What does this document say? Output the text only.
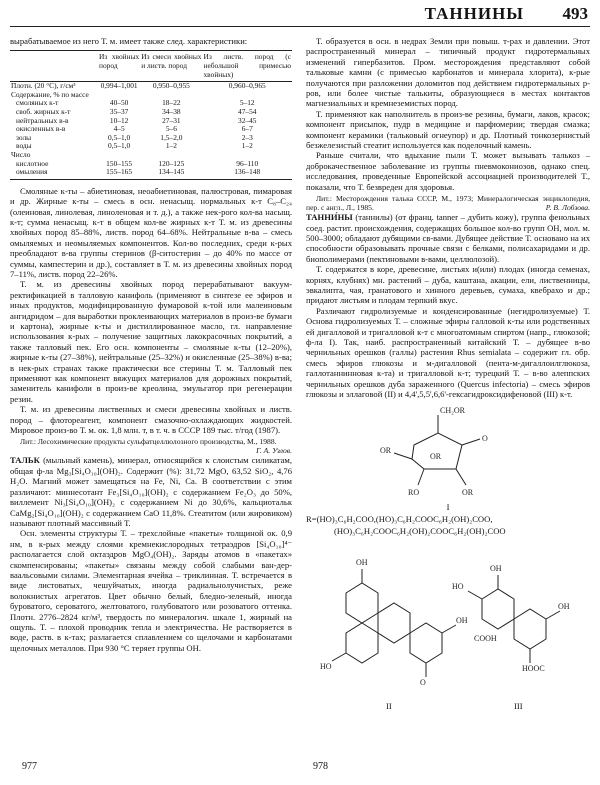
ТАННИНЫ 493

вырабатываемое из него Т. м. имеет также след. характеристики:

	Из хвойных пород	Из смеси хвойных и листв. пород	Из листв. пород (с небольшой примесью хвойных)
Плотн. (20 °С), г/см³	0,994–1,001	0,950–0,955	0,960–0,965
Содержание, % по массе			
смоляных к-т	40–50	18–22	5–12
своб. жирных к-т	35–37	34–38	47–54
нейтральных в-в	10–12	27–31	32–45
окисленных в-в	4–5	5–6	6–7
золы	0,5–1,0	1,5–2,0	2–3
воды	0,5–1,0	1–2	1–2
Число			
кислотное	150–155	120–125	96–110
омыления	155–165	134–145	136–148

Смоляные к-ты – абиетиновая, неоабиетиновая, палюстровая, пимаровая и др. Жирные к-ты – смесь в осн. ненасыщ. нормальных к-т C₈–C₂₄ (олеиновая, линолевая, линоленовая и т. д.), а также нек-рого кол-ва насыщ. к-т; сумма ненасыщ. к-т в общем кол-ве жирных к-т Т. м. из древесины хвойных пород 85–88%, листв. пород 64–68%. Нейтральные в-ва – смесь омыляемых и неомыляемых компонентов. Кол-во последних, среди к-рых преобладают в-ва группы стеринов (β-ситостерин – до 40% по массе от суммы, кампестерин и др.), составляет в Т. м. из древесины хвойных пород 7–11%, листв. пород 22–26%.

Т. м. из древесины хвойных пород перерабатывают вакуум-ректификацией в талловую канифоль (применяют в синтезе ее эфиров и иных продуктов, модифицированную фумаровой к-той или малеиновым ангидридом – для выработки проклеивающих материалов в произ-ве бумаги и картона), жирные к-ты и дистиллированное масло, гл. направление использования к-рых – получение защитных лакокрасочных покрытий, а также талловый пек. Его осн. компоненты – смоляные к-ты (12–20%), жирные к-ты (27–38%), нейтральные (25–32%) и окисленные (25–38%) в-ва; в нек-рых странах также практически все стерины Т. м. Талловый пек применяют как компонент вяжущих материалов для дорожных покрытий, заменитель канифоли в произ-ве креолина, эмульгатор при регенерации резин.

Т. м. из древесины лиственных и смеси древесины хвойных и листв. пород – флотореагент, компонент смазочно-охлаждающих жидкостей. Мировое произ-во Т. м. ок. 1,8 млн. т, в т. ч. в СССР 189 тыс. т/год (1987).

Лит.: Лесохимические продукты сульфатцеллюлозного производства, М., 1988.
Г. А. Узлов.

ТАЛЬК (мыльный камень), минерал, относящийся к слоистым силикатам, общая ф-ла Mg₃[Si₄O₁₀](OH)₂. Содержит (%): 31,72 MgO, 63,52 SiO₂, 4,76 H₂O. Магний может замещаться на Fe, Ni, Ca. В соответствии с этим различают: миннесотант Fe₃[Si₄O₁₀](OH)₂ с содержанием Fe₂O₃ до 50%, виллемент Ni₃[Si₄O₁₀](OH)₂ с содержанием Ni до 30,6%, кальциотальк CaMg₂[Si₄O₁₀](OH)₂ с содержанием CaO 11,8%. Стеатитом (или жировиком) называют плотный массивный Т.

Осн. элементы структуры Т. – трехслойные «пакеты» толщиной ок. 0,9 нм, в к-рых между слоями кремнекислородных тетраэдров [Si₄O₁₀]⁴⁻ располагается слой октаэдров MgO₄(OH)₂. Заряды атомов в «пакетах» скомпенсированы; «пакеты» связаны между собой слабыми ван-дер-ваальсовыми силами. Элементарная ячейка – триклинная. Т. встречается в виде листоватых, чешуйчатых, иногда радиальнолучистых, реже волокнистых агрегатов. Цвет обычно белый, бледно-зеленый, иногда буроватого, сероватого, желтоватого, голубоватого или розоватого оттенка. Плотн. 2776–2824 кг/м³, твердость по минералогич. шкале 1, жирный на ощупь. Т. – плохой проводник тепла и электричества. Не растворяется в воде, раств. в к-тах; разлагается сплавлением со щелочами и карбонатами щелочных металлов. При 930 °С теряет группы OH.

Т. образуется в осн. в недрах Земли при повыш. т-рах и давлении. Этот распространенный минерал – типичный продукт гидротермальных изменений гипербазитов. Пром. месторождения представляют собой тальковые камни (с примесью карбонатов и минерала хлорита), к-рые получаются при разложении доломитов под действием гидротермальных р-ров, или более чистые талькиты, образующиеся в местах контактов магнезиальных и кремнеземистых пород.

Т. применяют как наполнитель в произ-ве резины, бумаги, лаков, красок; компонент присыпок, пудр в медицине и парфюмерии; твердая смазка; компонент керамики (тальковый огнеупор) и др. Плотный тонкозернистый безжелезистый стеатит используется как поделочный камень.

Раньше считали, что вдыхание пыли Т. может вызывать талькоз – доброкачественное заболевание из группы пневмокониозов, однако спец. исследования, проведенные Европейской ассоциацией производителей Т., показали, что Т. безвреден для здоровья.

Лит.: Месторождения талька СССР, М., 1973; Минералогическая энциклопедия, пер. с англ., Л., 1985.	Р. В. Лобзова.

ТАННИ́НЫ (таннилы) (от франц. tanner – дубить кожу), группа фенольных соед. растит. происхождения, содержащих большое кол-во групп OH, мол. м. 500–3000; обладают дубящими св-вами. Дубящее действие Т. основано на их способности образовывать прочные связи с белками, полисахаридами и др. биополимерами (пектиновыми в-вами, целлюлозой).

Т. содержатся в коре, древесине, листьях и(или) плодах (иногда семенах, корнях, клубнях) мн. растений – дуба, каштана, акации, ели, лиственницы, эвкалипта, чая, гранатового и хинного деревьев, сумаха, квебрахо и др.; придают листьям и плодам терпкий вкус.

Различают гидролизуемые и конденсированные (негидролизуемые) Т. Основа гидролизуемых Т. – сложные эфиры галловой к-ты или родственных ей дигалловой и тригалловой к-т с многоатомным спиртом (напр., глюкозой; ф-ла I). Так, наиб. распространенный китайский Т. – дубящее в-во чернильных орешков (галлы) растения Rhus semialata – содержит гл. обр. смесь эфиров глюкозы и м-дигалловой (пента-м-дигаллоилглюкоза, галлотаннинновая к-та) и тригалловой к-т; турецкий Т. – в-во алеппских чернильных орешков дуба зараженного (Quercus infectoria) – смесь эфиров глюкозы и эллаговой (II) и 4,4',5,5',6,6'-гексагидроксидифеновой (III) к-т.

CH₂OR
O
OR
RO	OR
OR

I

R=(HO)₃C₆H₂COO,(HO)₃C₆H₂COOC₆H₂(OH)₂COO,

(HO)₃C₆H₂COOC₆H₂(OH)₂COOC₆H₂(OH)₂COO

OH
OH
HO
O
OH
HO
OH
HOOC
COOH
II	III
977	978
